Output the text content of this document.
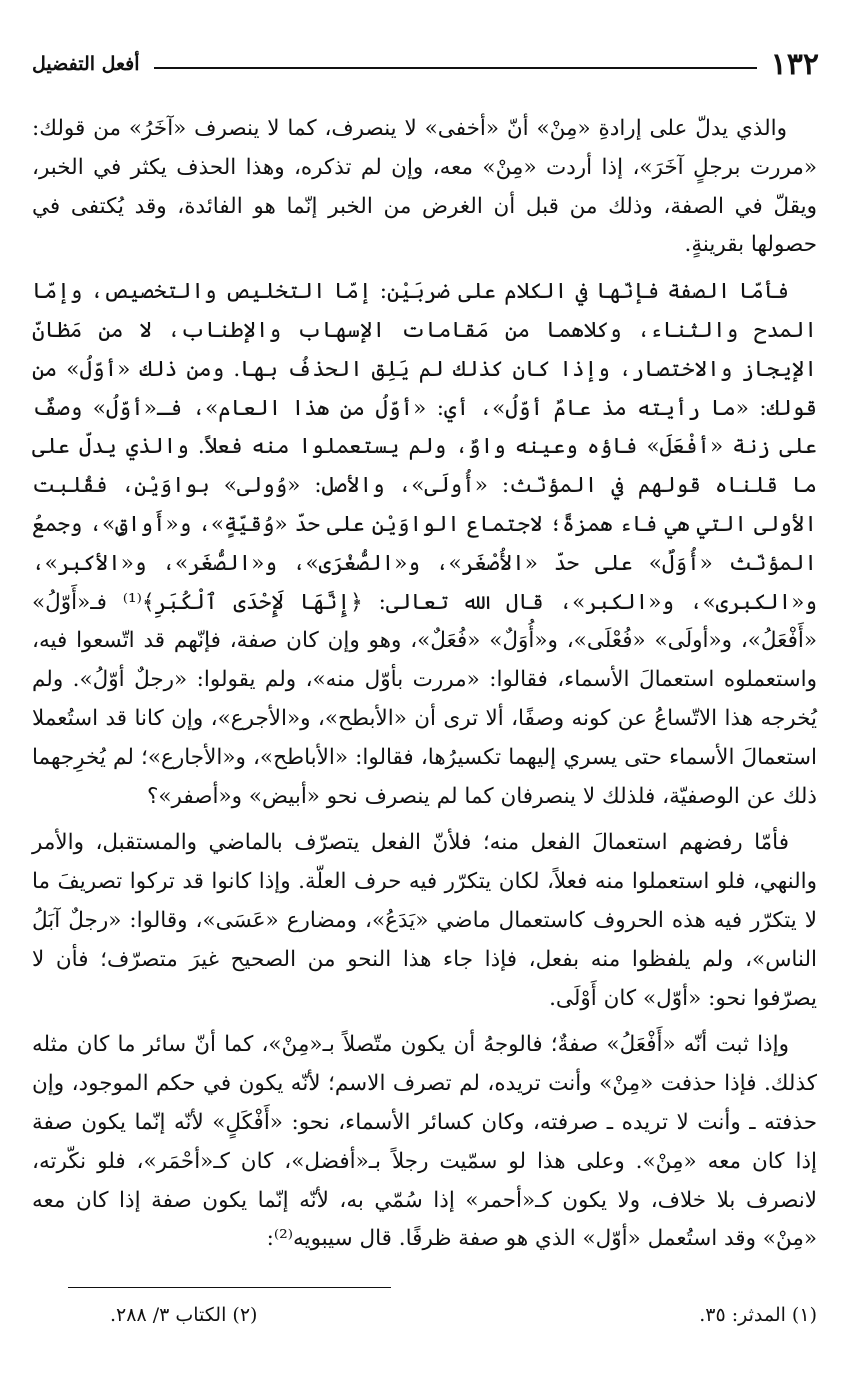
١٣٢
أفعل التفضيل

والذي يدلّ على إرادةِ «مِنْ» أنّ «أخفى» لا ينصرف، كما لا ينصرف «آخَرُ» من قولك: «مررت برجلٍ آخَرَ»، إذا أردت «مِنْ» معه، وإن لم تذكره، وهذا الحذف يكثر في الخبر، ويقلّ في الصفة، وذلك من قبل أن الغرض من الخبر إنّما هو الفائدة، وقد يُكتفى في حصولها بقرينةٍ.

فأمّا الصفة فإنّها في الكلام على ضربَيْن: إمّا التخليص والتخصيص، وإمّا المدح والثناء، وكلاهما من مَقامات الإسهاب والإطناب، لا من مَظانّ الإيجاز والاختصار، وإذا كان كذلك لم يَلِق الحذفُ بها. ومن ذلك «أوّلُ» من قولك: «ما رأيته مذ عامٌ أوّلُ»، أي: «أوّلُ من هذا العام»، فـ«أوّلُ» وصفٌ على زنة «أفْعَلَ» فاؤه وعينه واوٌ، ولم يستعملوا منه فعلاً. والذي يدلّ على ما قلناه قولهم في المؤنّث: «أُولَى»، والأصل: «وُولى» بواوَيْن، فقُلبت الأولى التي هي فاء همزةً؛ لاجتماع الواوَيْن على حدّ «وُقيّةٍ»، و«أَواقٍ»، وجمعُ المؤنّث «أُوَلٌ» على حدّ «الأُصْغَر»، و«الصُّغْرَى»، و«الصُّغَر»، و«الأكبر»، و«الكبرى»، و«الكبر»، قال الله تعالى: ﴿إِنَّهَا لَإِحْدَى ٱلْكُبَرِ﴾⁽¹⁾ فـ«أَوّلُ» «أَفْعَلُ»، و«أولَى» «فُعْلَى»، و«أُوَلٌ» «فُعَلٌ»، وهو وإن كان صفة، فإنّهم قد اتّسعوا فيه، واستعملوه استعمالَ الأسماء، فقالوا: «مررت بأوّل منه»، ولم يقولوا: «رجلٌ أوّلُ». ولم يُخرجه هذا الاتّساعُ عن كونه وصفًا، ألا ترى أن «الأبطح»، و«الأجرع»، وإن كانا قد استُعملا استعمالَ الأسماء حتى يسري إليهما تكسيرُها، فقالوا: «الأباطح»، و«الأجارع»؛ لم يُخرِجهما ذلك عن الوصفيّة، فلذلك لا ينصرفان كما لم ينصرف نحو «أبيض» و«أصفر»؟

فأمّا رفضهم استعمالَ الفعل منه؛ فلأنّ الفعل يتصرّف بالماضي والمستقبل، والأمر والنهي، فلو استعملوا منه فعلاً، لكان يتكرّر فيه حرف العلّة. وإذا كانوا قد تركوا تصريفَ ما لا يتكرّر فيه هذه الحروف كاستعمال ماضي «يَدَعُ»، ومضارع «عَسَى»، وقالوا: «رجلٌ آبَلُ الناس»، ولم يلفظوا منه بفعل، فإذا جاء هذا النحو من الصحيح غيرَ متصرّف؛ فأن لا يصرّفوا نحو: «أوّل» كان أَوْلَى.

وإذا ثبت أنّه «أَفْعَلُ» صفةٌ؛ فالوجهُ أن يكون متّصلاً بـ«مِنْ»، كما أنّ سائر ما كان مثله كذلك. فإذا حذفت «مِنْ» وأنت تريده، لم تصرف الاسم؛ لأنّه يكون في حكم الموجود، وإن حذفته ـ وأنت لا تريده ـ صرفته، وكان كسائر الأسماء، نحو: «أَفْكَلٍ» لأنّه إنّما يكون صفة إذا كان معه «مِنْ». وعلى هذا لو سمّيت رجلاً بـ«أفضل»، كان كـ«أحْمَر»، فلو نكّرته، لانصرف بلا خلاف، ولا يكون كـ«أحمر» إذا سُمّي به، لأنّه إنّما يكون صفة إذا كان معه «مِنْ» وقد استُعمل «أوّل» الذي هو صفة ظرفًا. قال سيبويه⁽²⁾:

(١) المدثر: ٣٥.
(٢) الكتاب ٣/ ٢٨٨.
